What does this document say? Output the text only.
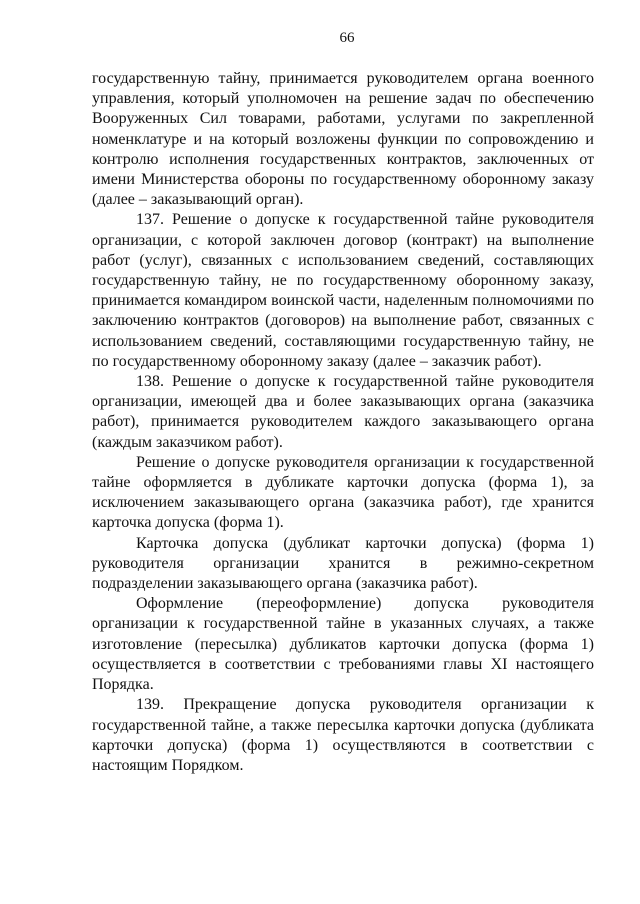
66

государственную тайну, принимается руководителем органа военного управления, который уполномочен на решение задач по обеспечению Вооруженных Сил товарами, работами, услугами по закрепленной номенклатуре и на который возложены функции по сопровождению и контролю исполнения государственных контрактов, заключенных от имени Министерства обороны по государственному оборонному заказу (далее – заказывающий орган).

137. Решение о допуске к государственной тайне руководителя организации, с которой заключен договор (контракт) на выполнение работ (услуг), связанных с использованием сведений, составляющих государственную тайну, не по государственному оборонному заказу, принимается командиром воинской части, наделенным полномочиями по заключению контрактов (договоров) на выполнение работ, связанных с использованием сведений, составляющими государственную тайну, не по государственному оборонному заказу (далее – заказчик работ).

138. Решение о допуске к государственной тайне руководителя организации, имеющей два и более заказывающих органа (заказчика работ), принимается руководителем каждого заказывающего органа (каждым заказчиком работ).

Решение о допуске руководителя организации к государственной тайне оформляется в дубликате карточки допуска (форма 1), за исключением заказывающего органа (заказчика работ), где хранится карточка допуска (форма 1).

Карточка допуска (дубликат карточки допуска) (форма 1) руководителя организации хранится в режимно-секретном подразделении заказывающего органа (заказчика работ).

Оформление (переоформление) допуска руководителя организации к государственной тайне в указанных случаях, а также изготовление (пересылка) дубликатов карточки допуска (форма 1) осуществляется в соответствии с требованиями главы XI настоящего Порядка.

139. Прекращение допуска руководителя организации к государственной тайне, а также пересылка карточки допуска (дубликата карточки допуска) (форма 1) осуществляются в соответствии с настоящим Порядком.
